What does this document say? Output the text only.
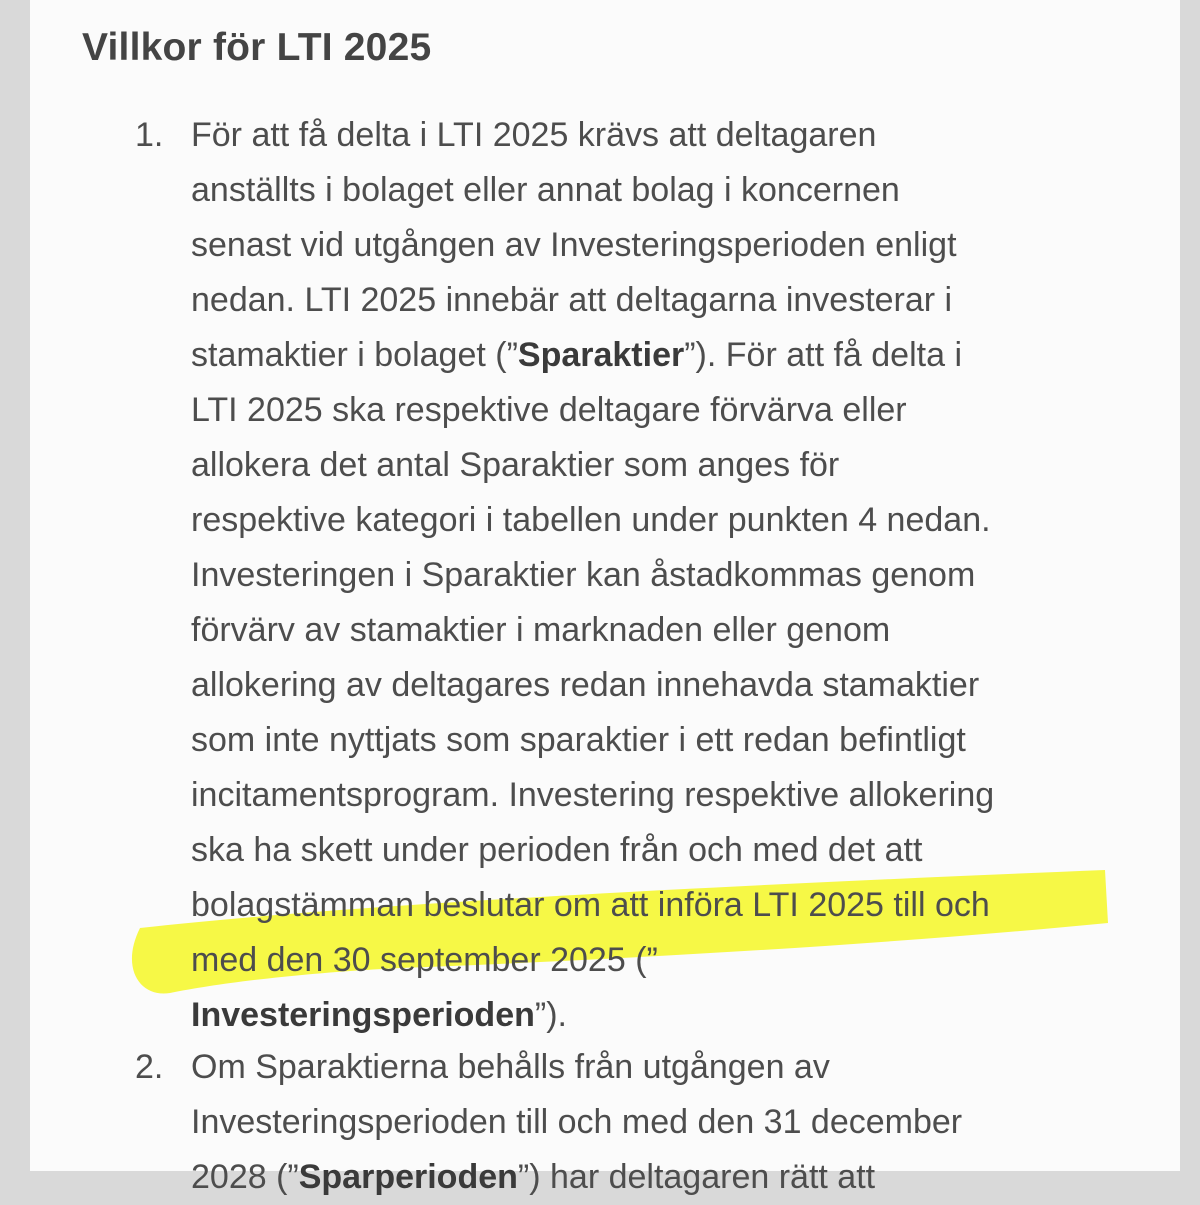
Villkor för LTI 2025
1. För att få delta i LTI 2025 krävs att deltagaren
anställts i bolaget eller annat bolag i koncernen
senast vid utgången av Investeringsperioden enligt
nedan. LTI 2025 innebär att deltagarna investerar i
stamaktier i bolaget (”Sparaktier”). För att få delta i
LTI 2025 ska respektive deltagare förvärva eller
allokera det antal Sparaktier som anges för
respektive kategori i tabellen under punkten 4 nedan.
Investeringen i Sparaktier kan åstadkommas genom
förvärv av stamaktier i marknaden eller genom
allokering av deltagares redan innehavda stamaktier
som inte nyttjats som sparaktier i ett redan befintligt
incitamentsprogram. Investering respektive allokering
ska ha skett under perioden från och med det att
bolagstämman beslutar om att införa LTI 2025 till och
med den 30 september 2025 (”
Investeringsperioden”).
2. Om Sparaktierna behålls från utgången av
Investeringsperioden till och med den 31 december
2028 (”Sparperioden”) har deltagaren rätt att
